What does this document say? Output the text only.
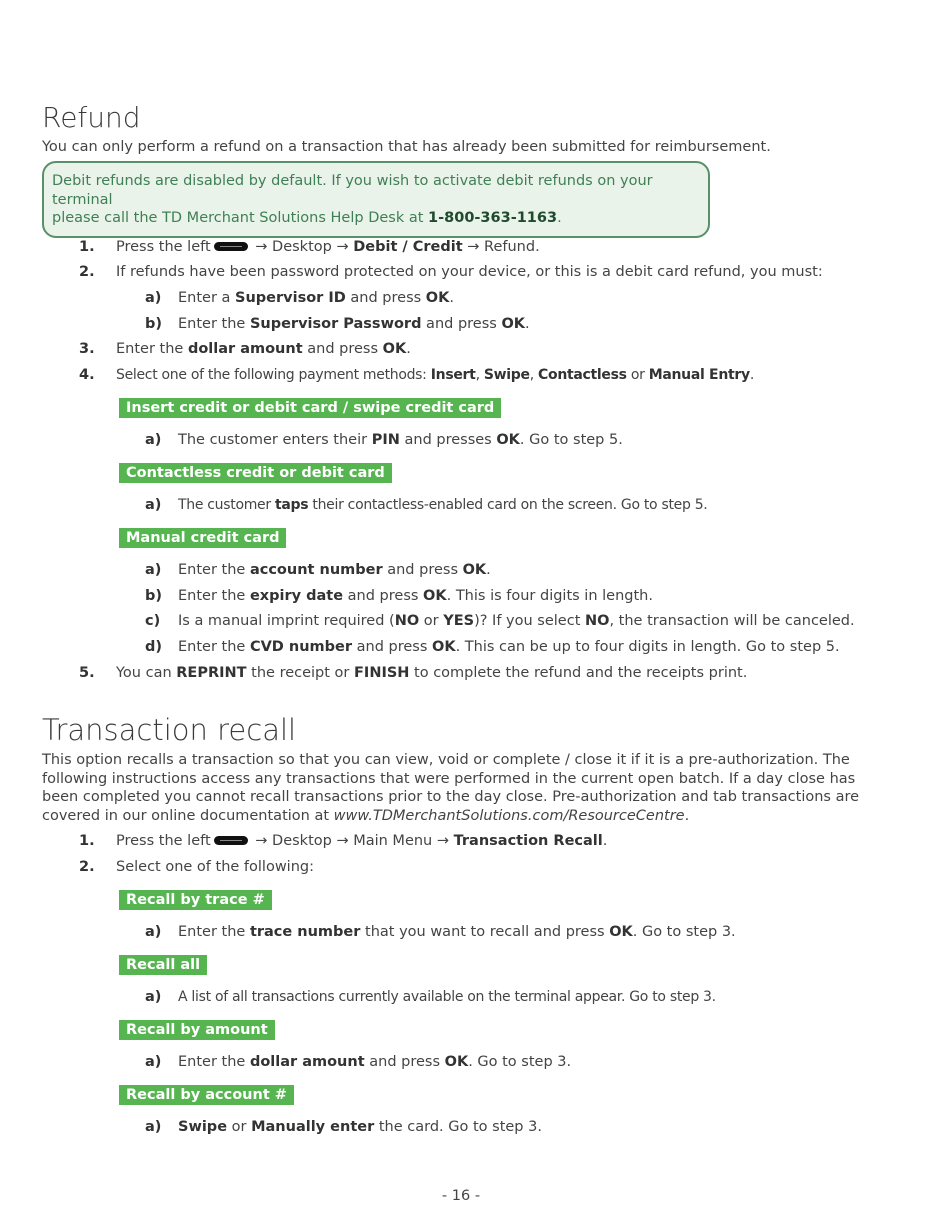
Refund
You can only perform a refund on a transaction that has already been submitted for reimbursement.
Debit refunds are disabled by default. If you wish to activate debit refunds on your terminal
please call the TD Merchant Solutions Help Desk at 1-800-363-1163.
1. Press the left	→ Desktop → Debit / Credit → Refund.
2. If refunds have been password protected on your device, or this is a debit card refund, you must:
a) Enter a Supervisor ID and press OK.
b) Enter the Supervisor Password and press OK.
3. Enter the dollar amount and press OK.
4. Select one of the following payment methods: Insert, Swipe, Contactless or Manual Entry.
Insert credit or debit card / swipe credit card
a) The customer enters their PIN and presses OK. Go to step 5.
Contactless credit or debit card
a) The customer taps their contactless-enabled card on the screen. Go to step 5.
Manual credit card
a) Enter the account number and press OK.
b) Enter the expiry date and press OK. This is four digits in length.
c) Is a manual imprint required (NO or YES)? If you select NO, the transaction will be canceled.
d) Enter the CVD number and press OK. This can be up to four digits in length. Go to step 5.
5. You can REPRINT the receipt or FINISH to complete the refund and the receipts print.
Transaction recall
This option recalls a transaction so that you can view, void or complete / close it if it is a pre-authorization. The
following instructions access any transactions that were performed in the current open batch. If a day close has
been completed you cannot recall transactions prior to the day close. Pre-authorization and tab transactions are
covered in our online documentation at www.TDMerchantSolutions.com/ResourceCentre.
1. Press the left	→ Desktop → Main Menu → Transaction Recall.
2. Select one of the following:
Recall by trace #
a) Enter the trace number that you want to recall and press OK. Go to step 3.
Recall all
a) A list of all transactions currently available on the terminal appear. Go to step 3.
Recall by amount
a) Enter the dollar amount and press OK. Go to step 3.
Recall by account #
a) Swipe or Manually enter the card. Go to step 3.
- 16 -
